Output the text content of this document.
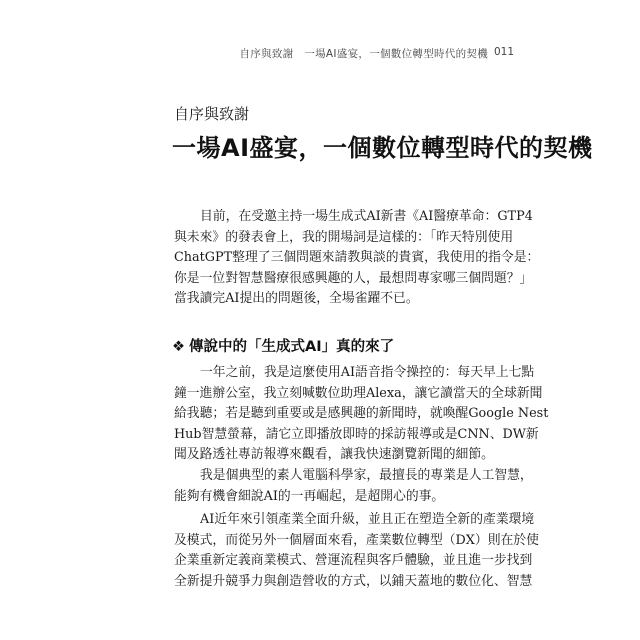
自序與致謝　一場AI盛宴，一個數位轉型時代的契機 011
自序與致謝
一場AI盛宴，一個數位轉型時代的契機

目前，在受邀主持一場生成式AI新書《AI醫療革命：GTP4
與未來》的發表會上，我的開場詞是這樣的：「昨天特別使用
ChatGPT整理了三個問題來請教與談的貴賓，我使用的指令是：
你是一位對智慧醫療很感興趣的人，最想問專家哪三個問題？」
當我讀完AI提出的問題後，全場雀躍不已。

❖ 傳說中的「生成式AI」真的來了

一年之前，我是這麼使用AI語音指令操控的：每天早上七點
鐘一進辦公室，我立刻喊數位助理Alexa，讓它讀當天的全球新聞
給我聽；若是聽到重要或是感興趣的新聞時，就喚醒Google Nest
Hub智慧螢幕，請它立即播放即時的採訪報導或是CNN、DW新
聞及路透社專訪報導來觀看，讓我快速瀏覽新聞的細節。

我是個典型的素人電腦科學家，最擅長的專業是人工智慧，
能夠有機會細說AI的一再崛起，是超開心的事。

AI近年來引領產業全面升級，並且正在塑造全新的產業環境
及模式，而從另外一個層面來看，產業數位轉型（DX）則在於使
企業重新定義商業模式、營運流程與客戶體驗，並且進一步找到
全新提升競爭力與創造營收的方式，以鋪天蓋地的數位化、智慧
